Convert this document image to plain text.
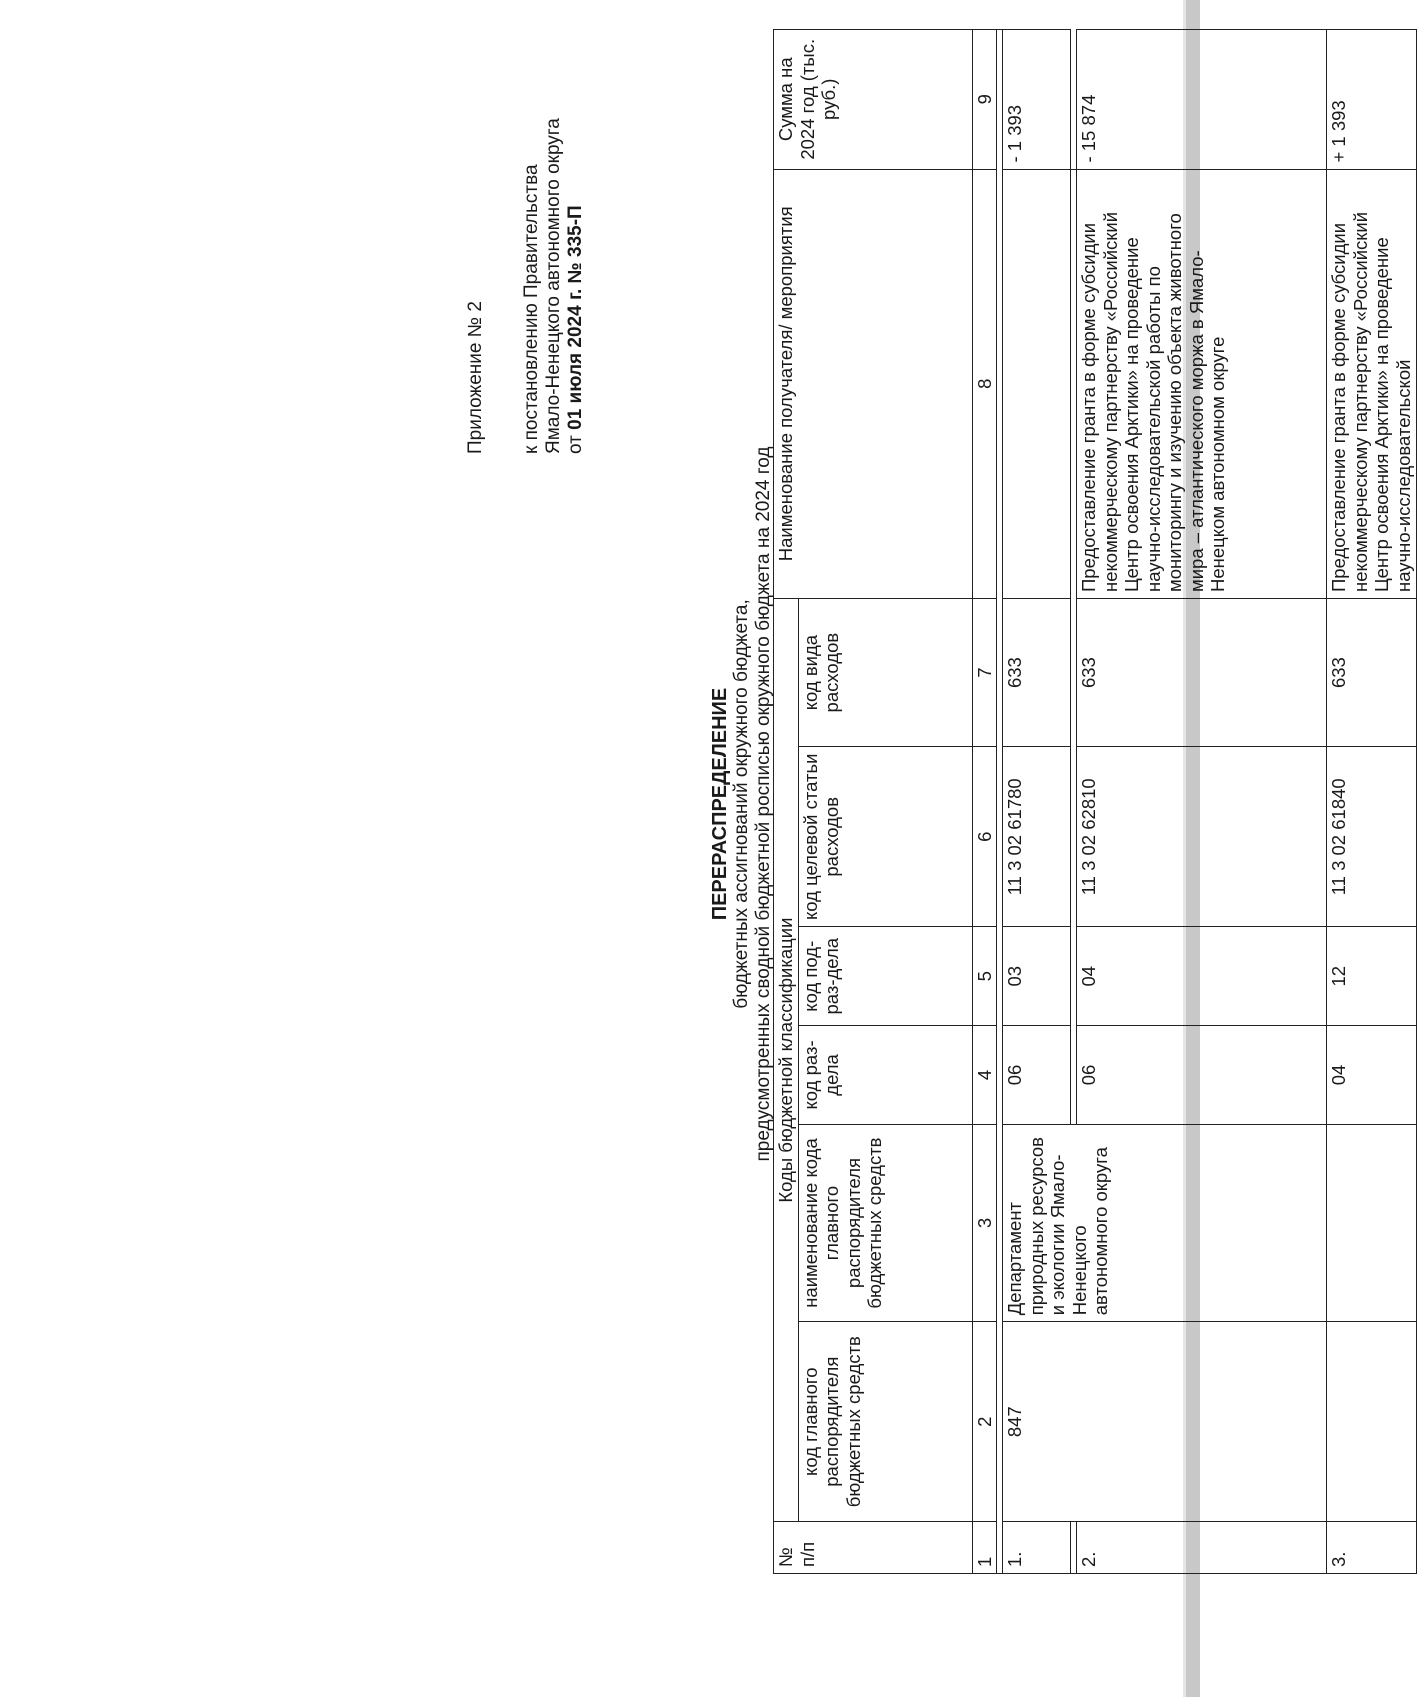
Приложение № 2 к постановлению Правительства Ямало-Ненецкого автономного округа от 01 июля 2024 г. № 335-П
ПЕРЕРАСПРЕДЕЛЕНИЕ бюджетных ассигнований окружного бюджета, предусмотренных сводной бюджетной росписью окружного бюджета на 2024 год
№ п/п	Коды бюджетной классификации						Наименование получателя/ мероприятия	Сумма на 2024 год (тыс. руб.)
	код главного распорядителя бюджетных средств	наименование кода главного распорядителя бюджетных средств	код раз-дела	код под-раз-дела	код целевой статьи расходов	код вида расходов		
1	2	3	4	5	6	7	8	9

1.	847	Департамент природных ресурсов и экологии Ямало-Ненецкого автономного округа	06	03	11 3 02 61780	633		- 1 393

2.			06	04	11 3 02 62810	633	Предоставление гранта в форме субсидии некоммерческому партнерству «Российский Центр освоения Арктики» на проведение научно-исследовательской работы по мониторингу и изучению объекта животного мира – атлантического моржа в Ямало-Ненецком автономном округе	- 15 874
3.			04	12	11 3 02 61840	633	Предоставление гранта в форме субсидии некоммерческому партнерству «Российский Центр освоения Арктики» на проведение научно-исследовательской	+ 1 393
